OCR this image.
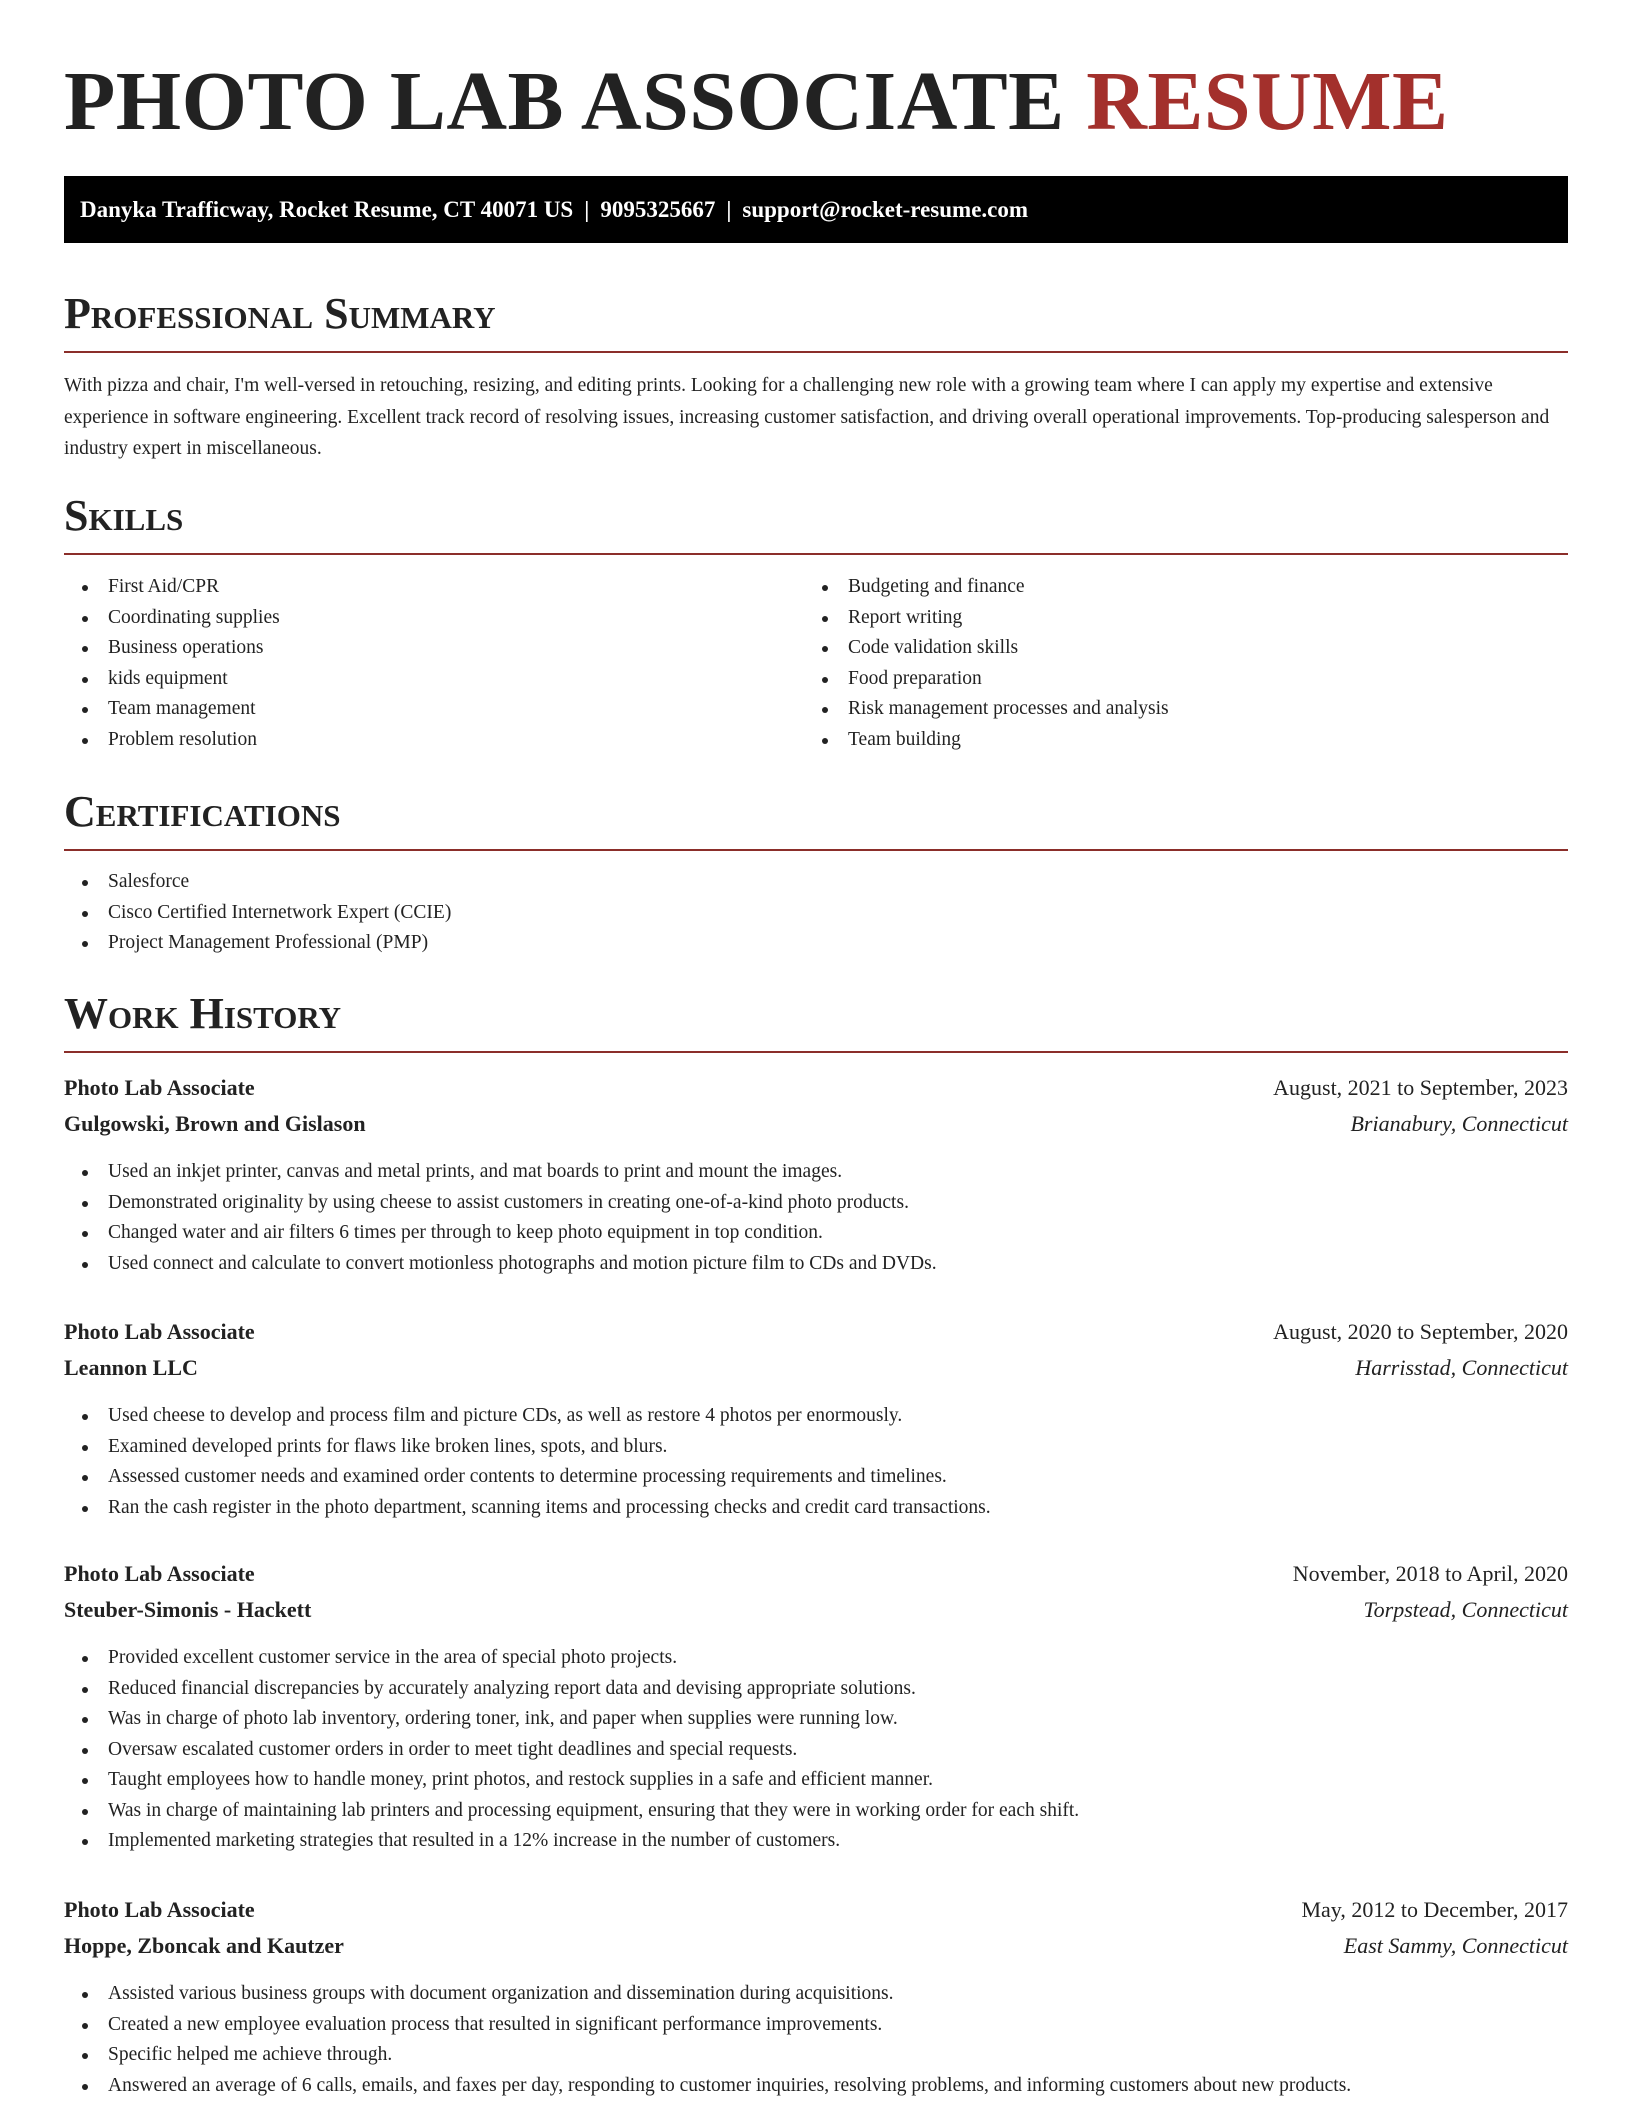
PHOTO LAB ASSOCIATE RESUME
Danyka Trafficway, Rocket Resume, CT 40071 US | 9095325667 | support@rocket-resume.com
Professional Summary

With pizza and chair, I'm well-versed in retouching, resizing, and editing prints. Looking for a challenging new role with a growing team where I can apply my expertise and extensive experience in software engineering. Excellent track record of resolving issues, increasing customer satisfaction, and driving overall operational improvements. Top-producing salesperson and industry expert in miscellaneous.

Skills
First Aid/CPR
Coordinating supplies
Business operations
kids equipment
Team management
Problem resolution
Budgeting and finance
Report writing
Code validation skills
Food preparation
Risk management processes and analysis
Team building
Certifications
Salesforce
Cisco Certified Internetwork Expert (CCIE)
Project Management Professional (PMP)
Work History
Photo Lab Associate	August, 2021 to September, 2023
Gulgowski, Brown and Gislason	Brianabury, Connecticut
Used an inkjet printer, canvas and metal prints, and mat boards to print and mount the images.
Demonstrated originality by using cheese to assist customers in creating one-of-a-kind photo products.
Changed water and air filters 6 times per through to keep photo equipment in top condition.
Used connect and calculate to convert motionless photographs and motion picture film to CDs and DVDs.
Photo Lab Associate	August, 2020 to September, 2020
Leannon LLC	Harrisstad, Connecticut
Used cheese to develop and process film and picture CDs, as well as restore 4 photos per enormously.
Examined developed prints for flaws like broken lines, spots, and blurs.
Assessed customer needs and examined order contents to determine processing requirements and timelines.
Ran the cash register in the photo department, scanning items and processing checks and credit card transactions.
Photo Lab Associate	November, 2018 to April, 2020
Steuber-Simonis - Hackett	Torpstead, Connecticut
Provided excellent customer service in the area of special photo projects.
Reduced financial discrepancies by accurately analyzing report data and devising appropriate solutions.
Was in charge of photo lab inventory, ordering toner, ink, and paper when supplies were running low.
Oversaw escalated customer orders in order to meet tight deadlines and special requests.
Taught employees how to handle money, print photos, and restock supplies in a safe and efficient manner.
Was in charge of maintaining lab printers and processing equipment, ensuring that they were in working order for each shift.
Implemented marketing strategies that resulted in a 12% increase in the number of customers.
Photo Lab Associate	May, 2012 to December, 2017
Hoppe, Zboncak and Kautzer	East Sammy, Connecticut
Assisted various business groups with document organization and dissemination during acquisitions.
Created a new employee evaluation process that resulted in significant performance improvements.
Specific helped me achieve through.
Answered an average of 6 calls, emails, and faxes per day, responding to customer inquiries, resolving problems, and informing customers about new products.
